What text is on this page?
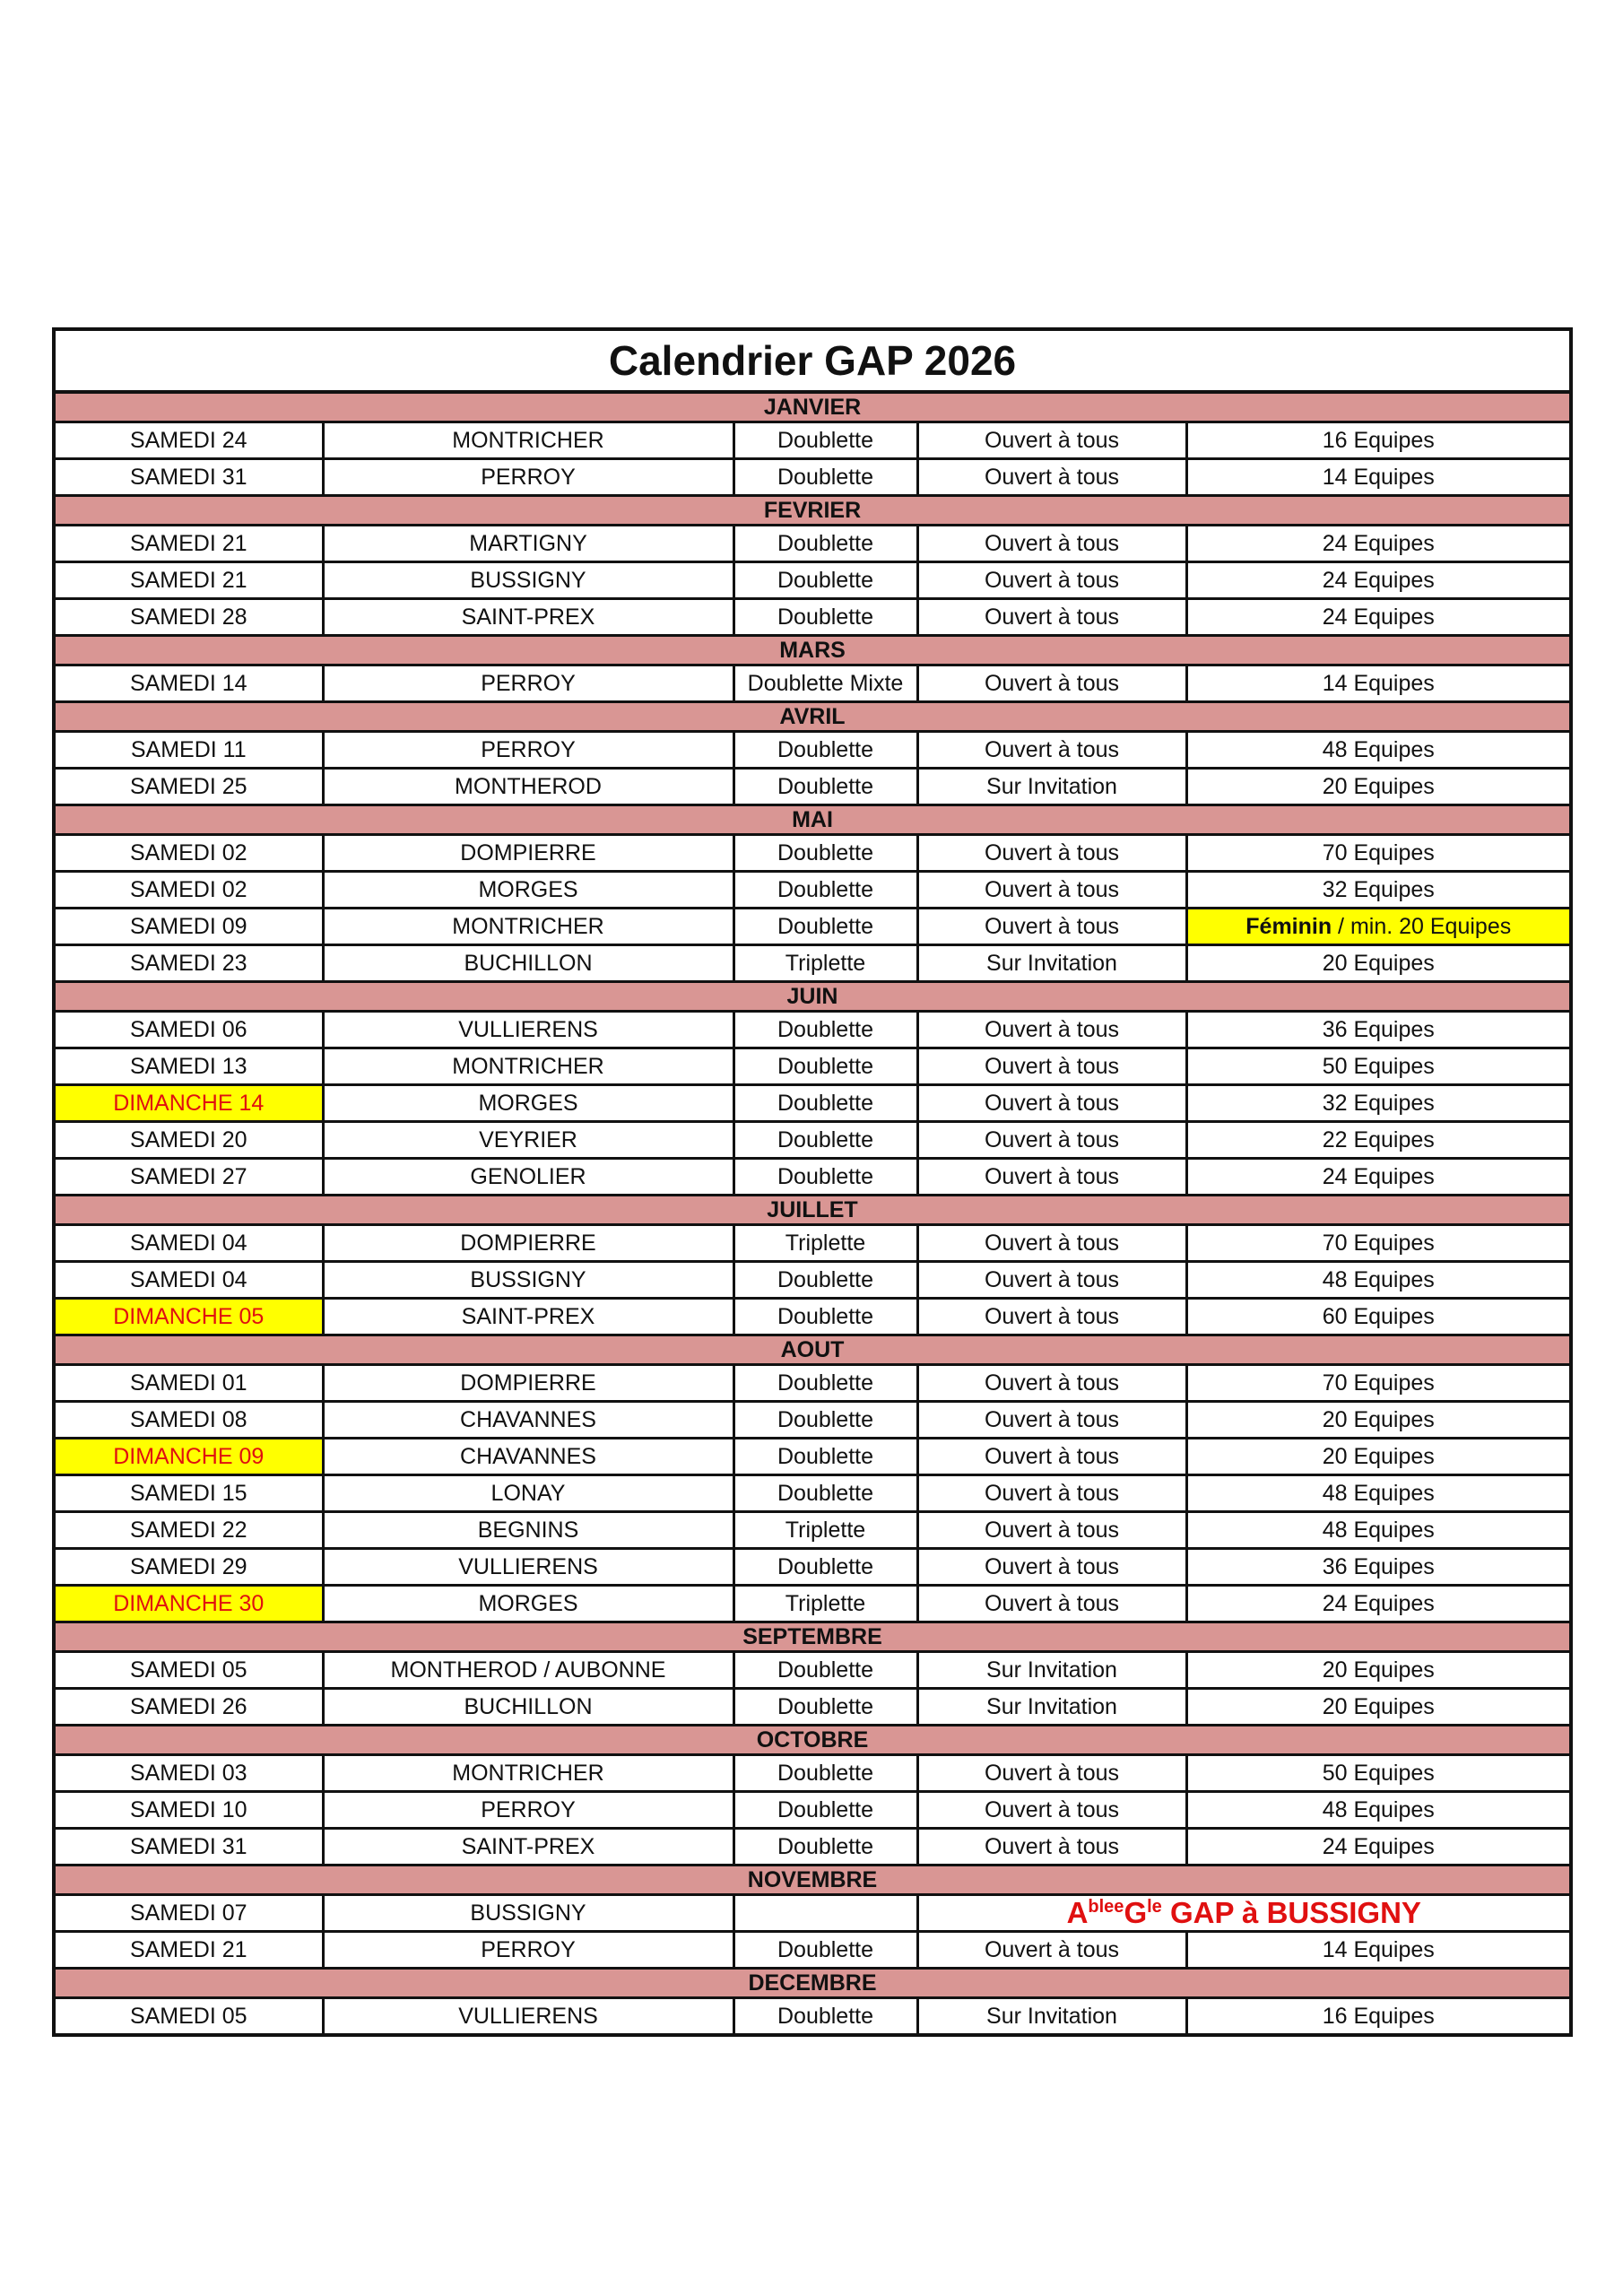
Calendrier GAP 2026
JANVIER				
SAMEDI 24	MONTRICHER	Doublette	Ouvert à tous	16 Equipes
SAMEDI 31	PERROY	Doublette	Ouvert à tous	14 Equipes
FEVRIER				
SAMEDI 21	MARTIGNY	Doublette	Ouvert à tous	24 Equipes
SAMEDI 21	BUSSIGNY	Doublette	Ouvert à tous	24 Equipes
SAMEDI 28	SAINT-PREX	Doublette	Ouvert à tous	24 Equipes
MARS				
SAMEDI 14	PERROY	Doublette Mixte	Ouvert à tous	14 Equipes
AVRIL				
SAMEDI 11	PERROY	Doublette	Ouvert à tous	48 Equipes
SAMEDI 25	MONTHEROD	Doublette	Sur Invitation	20 Equipes
MAI				
SAMEDI 02	DOMPIERRE	Doublette	Ouvert à tous	70 Equipes
SAMEDI 02	MORGES	Doublette	Ouvert à tous	32 Equipes
SAMEDI 09	MONTRICHER	Doublette	Ouvert à tous	Féminin / min. 20 Equipes
SAMEDI 23	BUCHILLON	Triplette	Sur Invitation	20 Equipes
JUIN				
SAMEDI 06	VULLIERENS	Doublette	Ouvert à tous	36 Equipes
SAMEDI 13	MONTRICHER	Doublette	Ouvert à tous	50 Equipes
DIMANCHE 14	MORGES	Doublette	Ouvert à tous	32 Equipes
SAMEDI 20	VEYRIER	Doublette	Ouvert à tous	22 Equipes
SAMEDI 27	GENOLIER	Doublette	Ouvert à tous	24 Equipes
JUILLET				
SAMEDI 04	DOMPIERRE	Triplette	Ouvert à tous	70 Equipes
SAMEDI 04	BUSSIGNY	Doublette	Ouvert à tous	48 Equipes
DIMANCHE 05	SAINT-PREX	Doublette	Ouvert à tous	60 Equipes
AOUT				
SAMEDI 01	DOMPIERRE	Doublette	Ouvert à tous	70 Equipes
SAMEDI 08	CHAVANNES	Doublette	Ouvert à tous	20 Equipes
DIMANCHE 09	CHAVANNES	Doublette	Ouvert à tous	20 Equipes
SAMEDI 15	LONAY	Doublette	Ouvert à tous	48 Equipes
SAMEDI 22	BEGNINS	Triplette	Ouvert à tous	48 Equipes
SAMEDI 29	VULLIERENS	Doublette	Ouvert à tous	36 Equipes
DIMANCHE 30	MORGES	Triplette	Ouvert à tous	24 Equipes
SEPTEMBRE				
SAMEDI 05	MONTHEROD / AUBONNE	Doublette	Sur Invitation	20 Equipes
SAMEDI 26	BUCHILLON	Doublette	Sur Invitation	20 Equipes
OCTOBRE				
SAMEDI 03	MONTRICHER	Doublette	Ouvert à tous	50 Equipes
SAMEDI 10	PERROY	Doublette	Ouvert à tous	48 Equipes
SAMEDI 31	SAINT-PREX	Doublette	Ouvert à tous	24 Equipes
NOVEMBRE				
SAMEDI 07	BUSSIGNY		$A^{blee}G^{le}$ GAP à BUSSIGNY	
SAMEDI 21	PERROY	Doublette	Ouvert à tous	14 Equipes
DECEMBRE				
SAMEDI 05	VULLIERENS	Doublette	Sur Invitation	16 Equipes
